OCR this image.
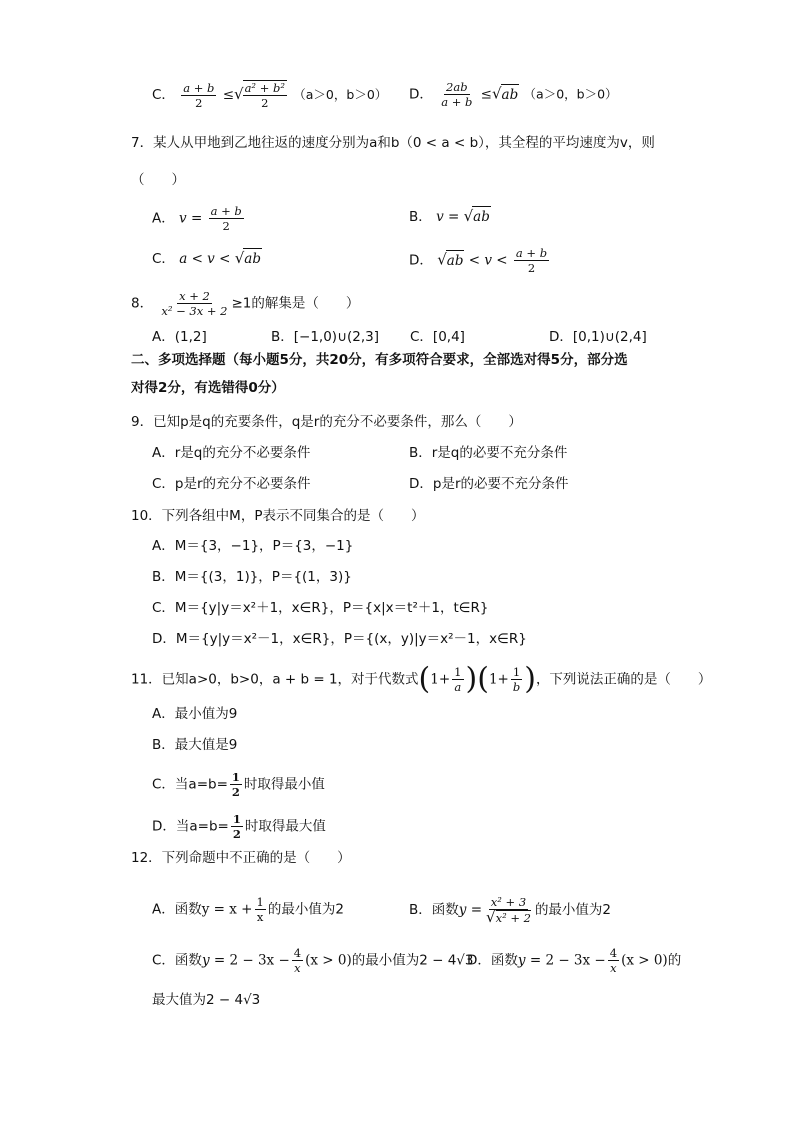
C． $\frac{a + b}{2}$ ≤√ $\frac{\text{a² + b²}}{2} (a>0$，b＞0） D． $\frac{2ab}{a + b} \le√ab$ （a＞0，b＞0）
7．某人从甲地到乙地往返的速度分别为a和b（0 < a < b），其全程的平均速度为v，则
（　　）
A． $v = \frac{a + b}{2}$	B． v = √ab
C． a < v < √ab	D． $√ab < v < \frac{a + b}{2}$
8． $\frac{x + 2}{\text{x² − 3x + 2}} \ge 1$的解集是（　　）
A．(1,2]	B．[−1,0)∪(2,3] C．[0,4]	D．[0,1)∪(2,4]
二、多项选择题（每小题5分，共20分，有多项符合要求，全部选对得5分，部分选
对得2分，有选错得0分）
9．已知p是q的充要条件，q是r的充分不必要条件，那么（　　）
A．r是q的充分不必要条件	B．r是q的必要不充分条件
C．p是r的充分不必要条件	D．p是r的必要不充分条件
10．下列各组中M，P表示不同集合的是（　　）
A．M＝{3，−1}，P＝{3，−1}
B．M＝{(3，1)}，P＝{(1，3)}
C．M＝{y|y＝x²＋1，x∈R}，P＝{x|x＝t²＋1，t∈R}
D．M＝{y|y＝x²－1，x∈R}，P＝{(x，y)|y＝x²－1，x∈R}
11．已知a>0，b>0，a + b = 1，对于代数式$(1+ \frac{1}{a} )(1+ \frac{1}{b}$ )，下列说法正确的是（　　）
A．最小值为9
B．最大值是9
C．当$a=b= \frac{1}{2}$ 时取得最小值
D．当$a=b= \frac{1}{2}$ 时取得最大值
12．下列命题中不正确的是（　　）
A．函数$y = x + \frac{1}{x}$ 的最小值为2	B．函数$y = \frac{\text{x² + 3}}{\text{√x² + 2}}$ 的最小值为2
C．函数$y = 2 - 3x - \frac{4}{x} (x > 0)$的最小值为2 − 4√3
D．函数$y = 2 - 3x - \frac{4}{x} (x > 0)$的
最大值为2 − 4√3
